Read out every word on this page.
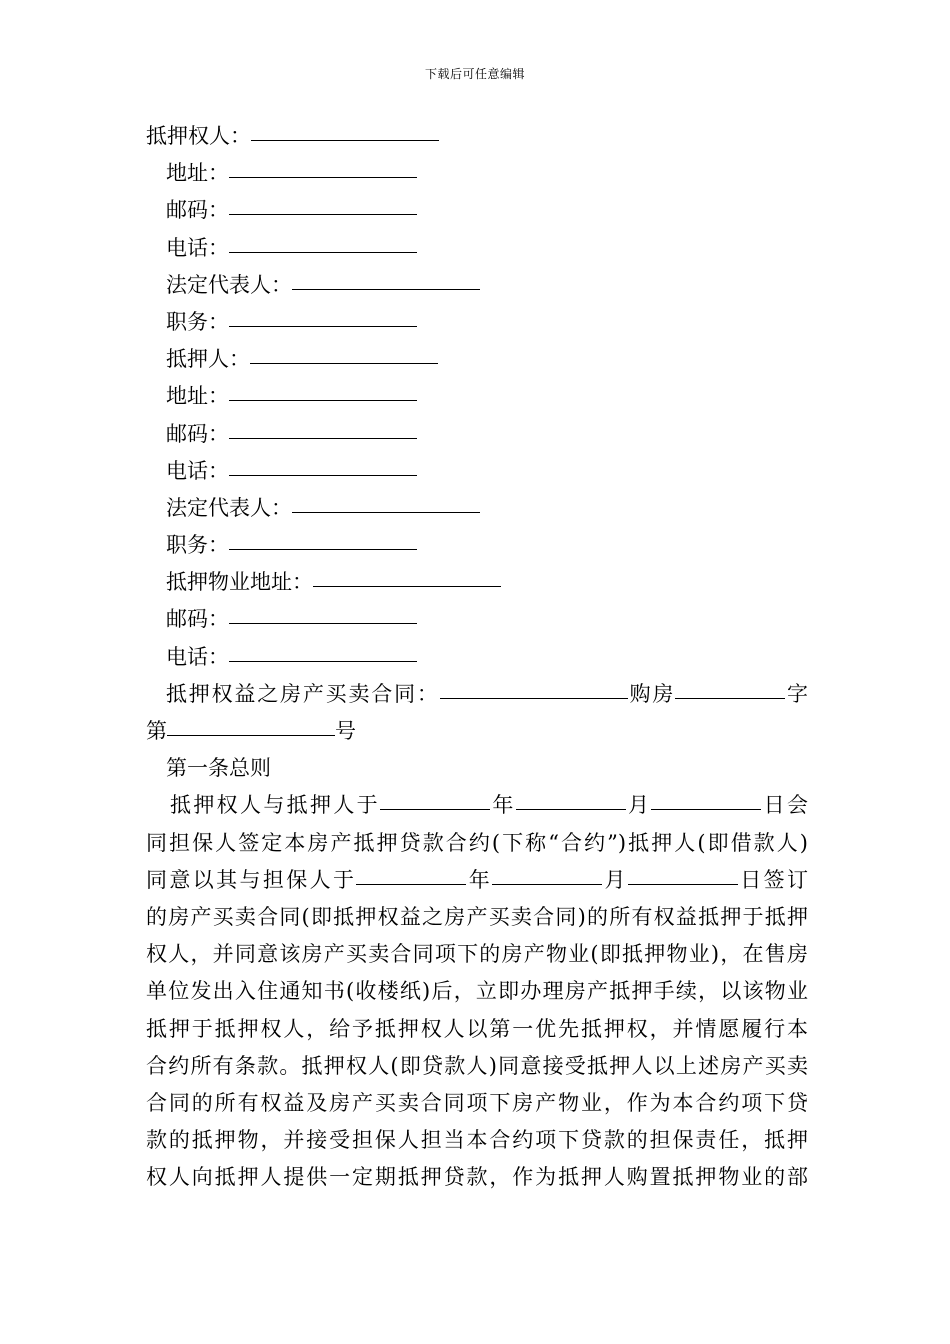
下载后可任意编辑
抵押权人：
地址：
邮码：
电话：
法定代表人：
职务：
抵押人：
地址：
邮码：
电话：
法定代表人：
职务：
抵押物业地址：
邮码：
电话：
抵押权益之房产买卖合同：	购房	字
第	号
第一条总则
抵押权人与抵押人于	年	月	日会
同担保人签定本房产抵押贷款合约(下称“合约”)抵押人(即借款人)
同意以其与担保人于	年	月	日签订
的房产买卖合同(即抵押权益之房产买卖合同)的所有权益抵押于抵押
权人，并同意该房产买卖合同项下的房产物业(即抵押物业)，在售房
单位发出入住通知书(收楼纸)后，立即办理房产抵押手续，以该物业
抵押于抵押权人，给予抵押权人以第一优先抵押权，并情愿履行本
合约所有条款。抵押权人(即贷款人)同意接受抵押人以上述房产买卖
合同的所有权益及房产买卖合同项下房产物业，作为本合约项下贷
款的抵押物，并接受担保人担当本合约项下贷款的担保责任，抵押
权人向抵押人提供一定期抵押贷款，作为抵押人购置抵押物业的部
